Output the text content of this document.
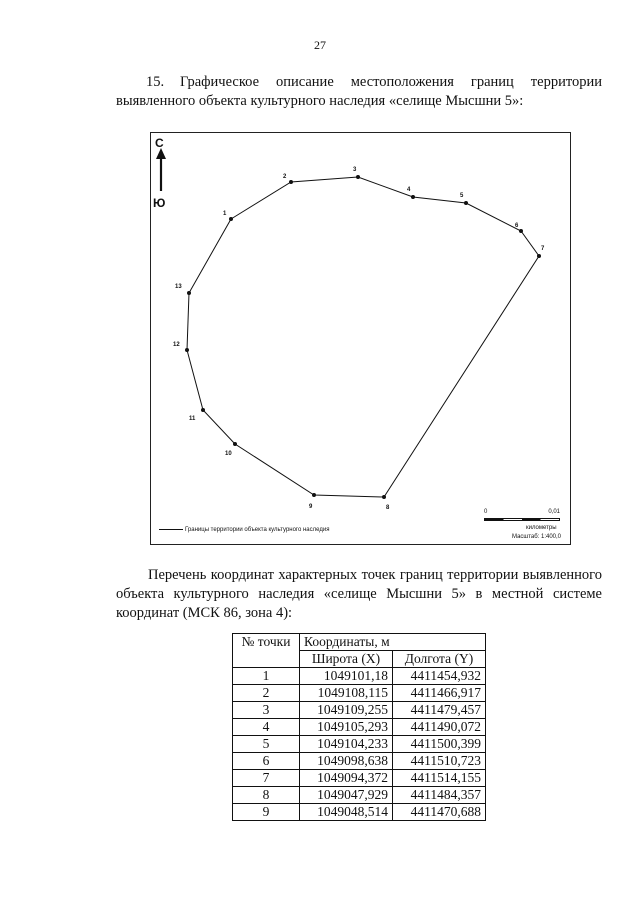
27
15. Графическое описание местоположения границ территории выявленного объекта культурного наследия «селище Мысшни 5»:
С
Ю
1
2
3
4
5
6
7
8
9
10
11
12
13
Границы территории объекта культурного наследия
0	0,01
километры
Масштаб: 1:400,0
Перечень координат характерных точек границ территории выявленного объекта культурного наследия «селище Мысшни 5» в местной системе координат (МСК 86, зона 4):
№ точки	Координаты, м	
	Широта (X)	Долгота (Y)
1	1049101,18	4411454,932
2	1049108,115	4411466,917
3	1049109,255	4411479,457
4	1049105,293	4411490,072
5	1049104,233	4411500,399
6	1049098,638	4411510,723
7	1049094,372	4411514,155
8	1049047,929	4411484,357
9	1049048,514	4411470,688
